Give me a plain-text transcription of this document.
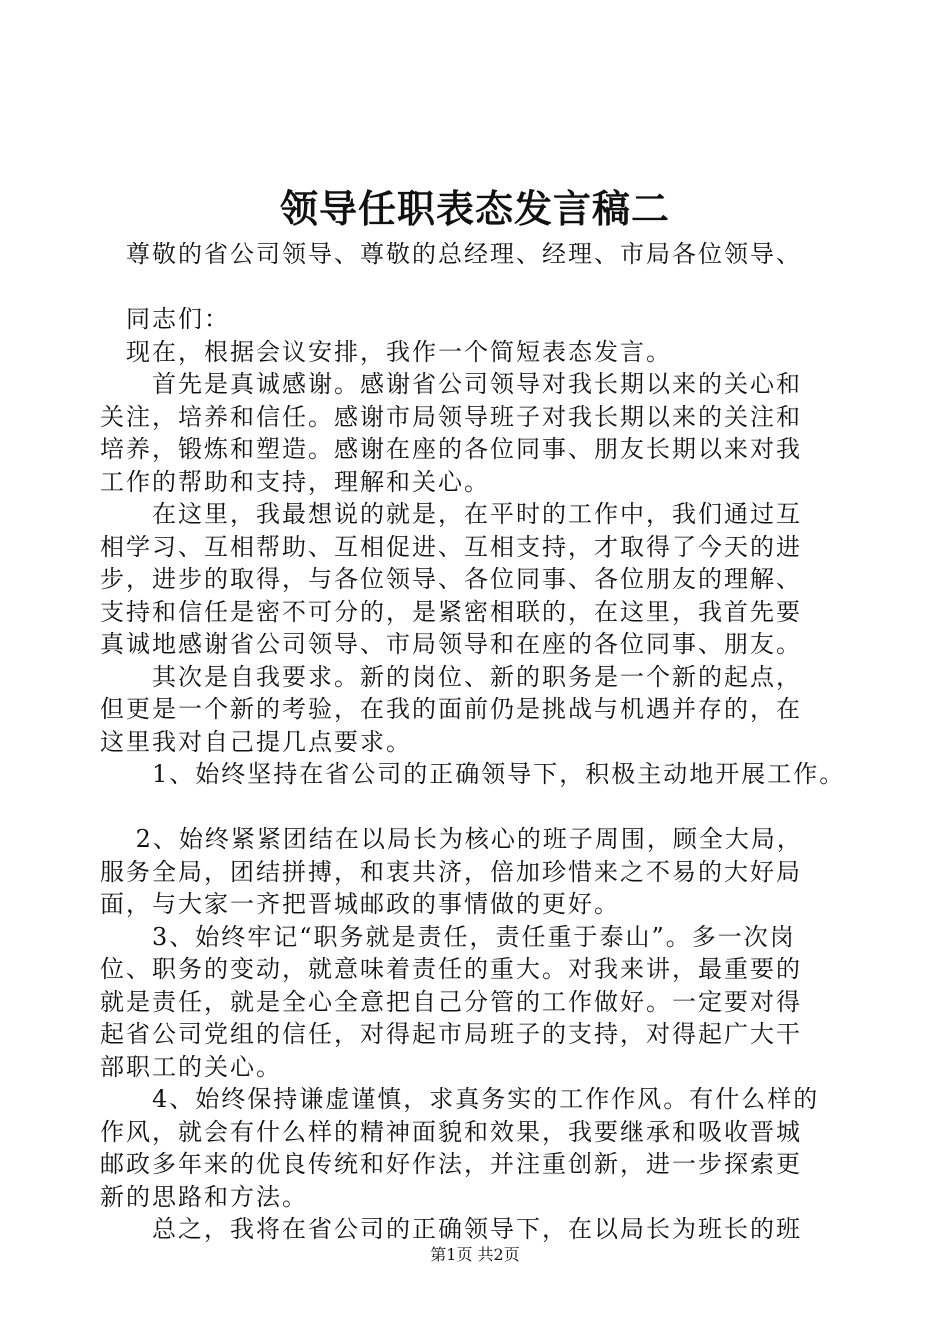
领导任职表态发言稿二
　尊敬的省公司领导、尊敬的总经理、经理、市局各位领导、
　同志们：
　现在，根据会议安排，我作一个简短表态发言。
　　首先是真诚感谢。感谢省公司领导对我长期以来的关心和
关注，培养和信任。感谢市局领导班子对我长期以来的关注和
培养，锻炼和塑造。感谢在座的各位同事、朋友长期以来对我
工作的帮助和支持，理解和关心。
　　在这里，我最想说的就是，在平时的工作中，我们通过互
相学习、互相帮助、互相促进、互相支持，才取得了今天的进
步，进步的取得，与各位领导、各位同事、各位朋友的理解、
支持和信任是密不可分的，是紧密相联的，在这里，我首先要
真诚地感谢省公司领导、市局领导和在座的各位同事、朋友。
　　其次是自我要求。新的岗位、新的职务是一个新的起点，
但更是一个新的考验，在我的面前仍是挑战与机遇并存的，在
这里我对自己提几点要求。
　　1、始终坚持在省公司的正确领导下，积极主动地开展工作。
　 2、始终紧紧团结在以局长为核心的班子周围，顾全大局，
服务全局，团结拼搏，和衷共济，倍加珍惜来之不易的大好局
面，与大家一齐把晋城邮政的事情做的更好。
　　3、始终牢记“职务就是责任，责任重于泰山”。多一次岗
位、职务的变动，就意味着责任的重大。对我来讲，最重要的
就是责任，就是全心全意把自己分管的工作做好。一定要对得
起省公司党组的信任，对得起市局班子的支持，对得起广大干
部职工的关心。
　　4、始终保持谦虚谨慎，求真务实的工作作风。有什么样的
作风，就会有什么样的精神面貌和效果，我要继承和吸收晋城
邮政多年来的优良传统和好作法，并注重创新，进一步探索更
新的思路和方法。
　　总之，我将在省公司的正确领导下，在以局长为班长的班
第1页 共2页
